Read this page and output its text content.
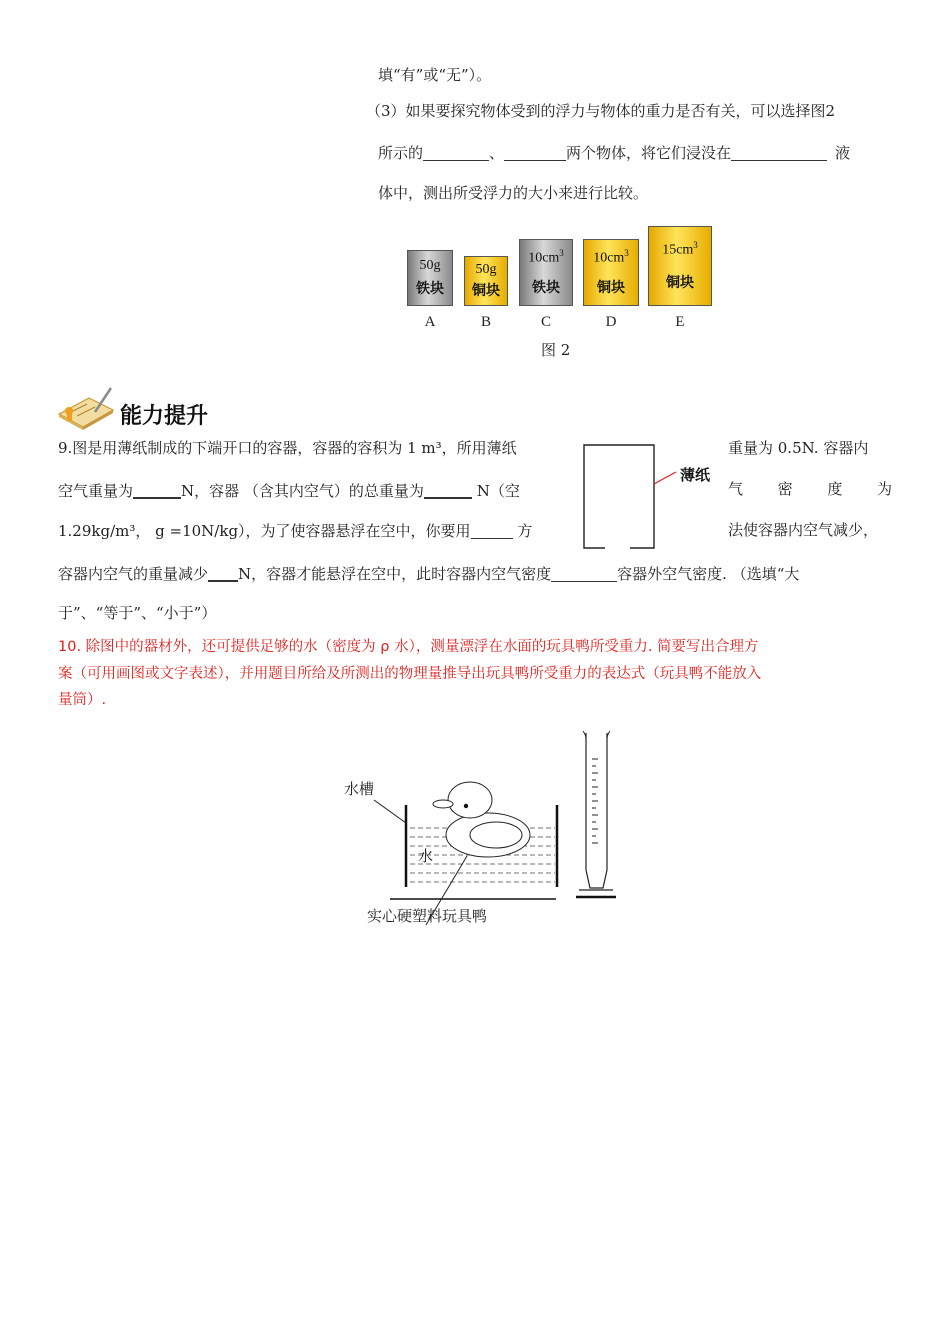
填“有”或“无”）。
（3）如果要探究物体受到的浮力与物体的重力是否有关，可以选择图2
所示的	、	两个物体，将它们浸没在	液
体中，测出所受浮力的大小来进行比较。
50g
铁块
50g
铜块
$10cm^3$
铁块
$10cm^3$
铜块
$15cm^3$
铜块
A	B	C	D	E
图 2
能力提升
9.图是用薄纸制成的下端开口的容器，容器的容积为 1 m³，所用薄纸	重量为 0.5N. 容器内
空气重量为	N，容器 （含其内空气）的总重量为	N（空	气 密 度 为
1.29kg/m³， g =10N/kg），为了使容器悬浮在空中，你要用	方	法使容器内空气减少，
容器内空气的重量减少 N，容器才能悬浮在空中，此时容器内空气密度	容器外空气密度. （选填“大
于”、“等于”、“小于”）
薄纸
10. 除图中的器材外，还可提供足够的水（密度为 ρ 水），测量漂浮在水面的玩具鸭所受重力. 简要写出合理方
案（可用画图或文字表述），并用题目所给及所测出的物理量推导出玩具鸭所受重力的表达式（玩具鸭不能放入
量筒）.
水槽
水
实心硬塑料玩具鸭
